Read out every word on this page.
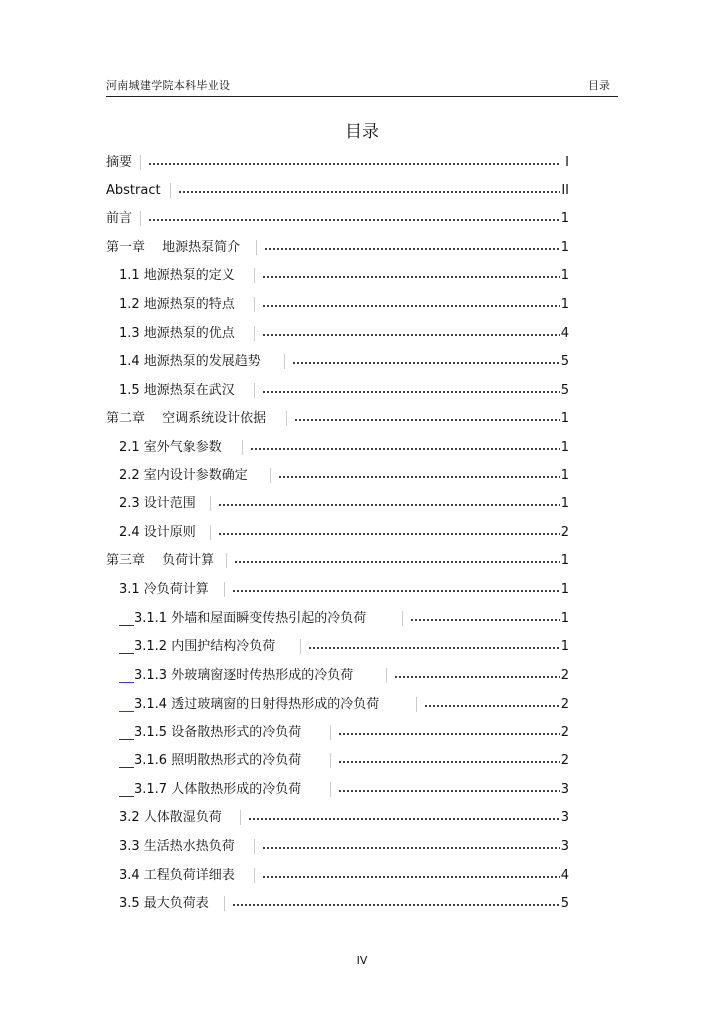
河南城建学院本科毕业设	目录
目录
摘要	I
Abstract	II
前言	1
第一章　 地源热泵简介	1
1.1 地源热泵的定义	1
1.2 地源热泵的特点	1
1.3 地源热泵的优点	4
1.4 地源热泵的发展趋势	5
1.5 地源热泵在武汉	5
第二章　 空调系统设计依据	1
2.1 室外气象参数	1
2.2 室内设计参数确定	1
2.3 设计范围	1
2.4 设计原则	2
第三章　 负荷计算	1
3.1 冷负荷计算	1
3.1.1 外墙和屋面瞬变传热引起的冷负荷	1
3.1.2 内围护结构冷负荷	1
3.1.3 外玻璃窗逐时传热形成的冷负荷	2
3.1.4 透过玻璃窗的日射得热形成的冷负荷	2
3.1.5 设备散热形式的冷负荷	2
3.1.6 照明散热形式的冷负荷	2
3.1.7 人体散热形成的冷负荷	3
3.2 人体散湿负荷	3
3.3 生活热水热负荷	3
3.4 工程负荷详细表	4
3.5 最大负荷表	5
IV
